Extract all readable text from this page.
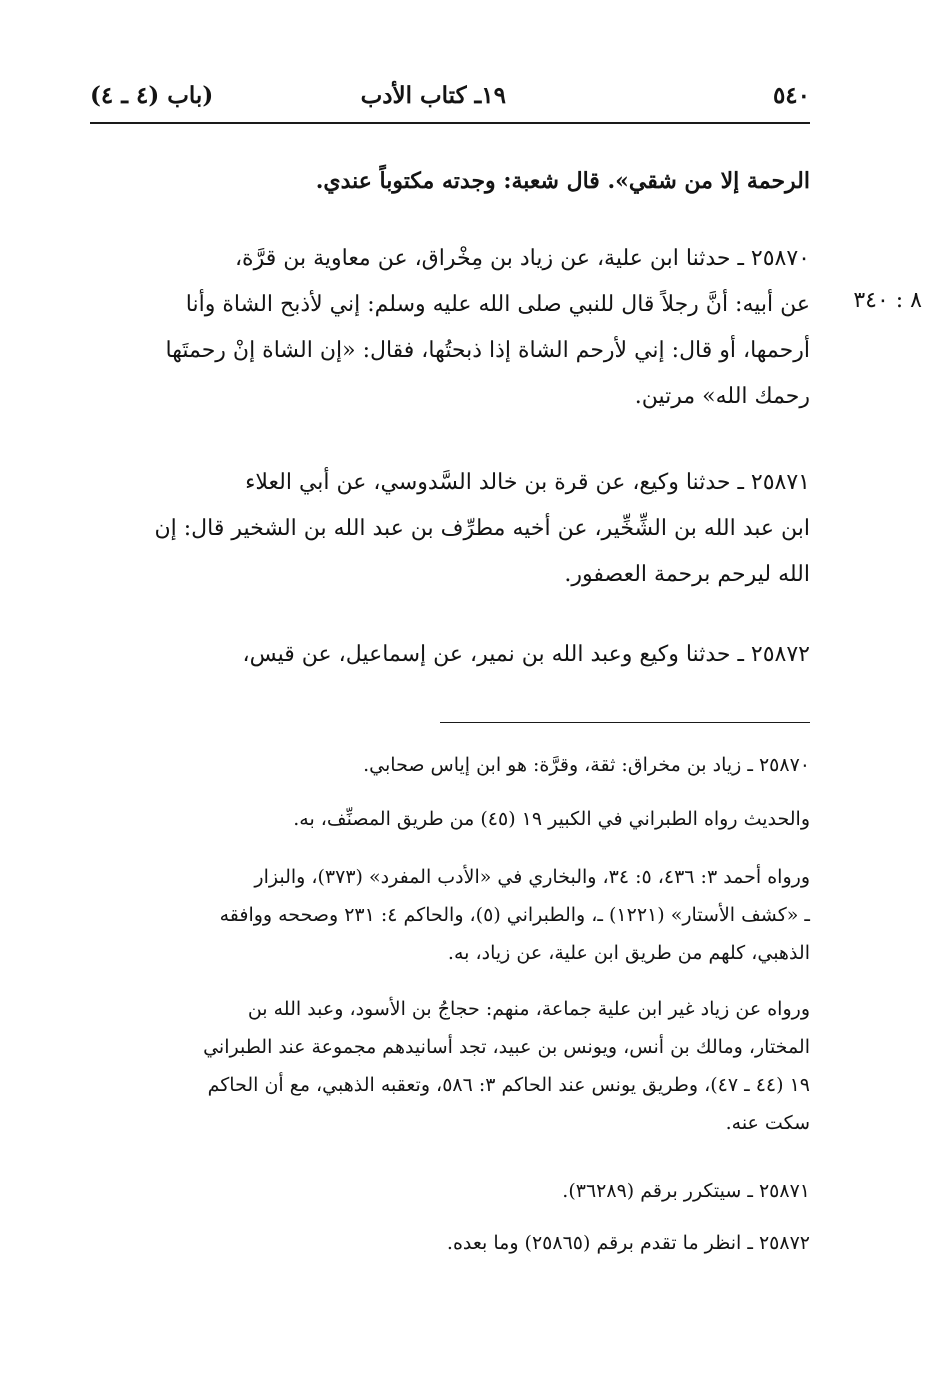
٥٤٠
١٩ـ كتاب الأدب
(باب (٤ ـ ٤)
٨ : ٣٤٠
الرحمة إلا من شقي». قال شعبة: وجدته مكتوباً عندي.
٢٥٨٧٠ ـ حدثنا ابن علية، عن زياد بن مِخْراق، عن معاوية بن قرَّة،
عن أبيه: أنَّ رجلاً قال للنبي صلى الله عليه وسلم: إني لأذبح الشاة وأنا
أرحمها، أو قال: إني لأرحم الشاة إذا ذبحتُها، فقال: «إن الشاة إنْ رحمتَها
رحمك الله» مرتين.
٢٥٨٧١ ـ حدثنا وكيع، عن قرة بن خالد السَّدوسي، عن أبي العلاء
ابن عبد الله بن الشِّخِّير، عن أخيه مطرِّف بن عبد الله بن الشخير قال: إن
الله ليرحم برحمة العصفور.
٢٥٨٧٢ ـ حدثنا وكيع وعبد الله بن نمير، عن إسماعيل، عن قيس،
٢٥٨٧٠ ـ زياد بن مخراق: ثقة، وقرَّة: هو ابن إياس صحابي.
والحديث رواه الطبراني في الكبير ١٩ (٤٥) من طريق المصنِّف، به.
ورواه أحمد ٣: ٤٣٦، ٥: ٣٤، والبخاري في «الأدب المفرد» (٣٧٣)، والبزار
ـ «كشف الأستار» (١٢٢١) ـ، والطبراني (٥)، والحاكم ٤: ٢٣١ وصححه ووافقه
الذهبي، كلهم من طريق ابن علية، عن زياد، به.
ورواه عن زياد غير ابن علية جماعة، منهم: حجاجُ بن الأسود، وعبد الله بن
المختار، ومالك بن أنس، ويونس بن عبيد، تجد أسانيدهم مجموعة عند الطبراني
١٩ (٤٤ ـ ٤٧)، وطريق يونس عند الحاكم ٣: ٥٨٦، وتعقبه الذهبي، مع أن الحاكم
سكت عنه.
٢٥٨٧١ ـ سيتكرر برقم (٣٦٢٨٩).
٢٥٨٧٢ ـ انظر ما تقدم برقم (٢٥٨٦٥) وما بعده.
